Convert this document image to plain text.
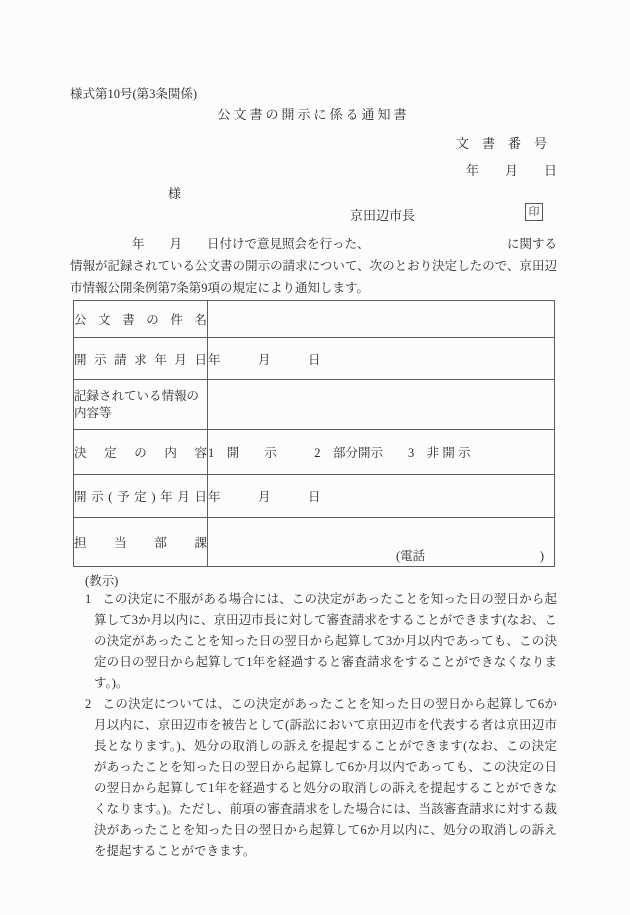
様式第10号(第3条関係)
公文書の開示に係る通知書
文　書　番　号
年　　月　　日
様
京田辺市長	印
年　　月　　日付けで意見照会を行った、	に関する
情報が記録されている公文書の開示の請求について、次のとおり決定したので、京田辺市情報公開条例第7条第9項の規定により通知します。
公文書の件名	

開示請求年月日	年　　　月　　　日

記録されている情報の内容等	

決定の内容	1　開　　示　　　2　部分開示　　3　非 開 示

開示(予定)年月日	年　　　月　　　日

担当部課	(電話 )
(教示)
1 この決定に不服がある場合には、この決定があったことを知った日の翌日から起算して3か月以内に、京田辺市長に対して審査請求をすることができます(なお、この決定があったことを知った日の翌日から起算して3か月以内であっても、この決定の日の翌日から起算して1年を経過すると審査請求をすることができなくなります。)。
2 この決定については、この決定があったことを知った日の翌日から起算して6か月以内に、京田辺市を被告として(訴訟において京田辺市を代表する者は京田辺市長となります。)、処分の取消しの訴えを提起することができます(なお、この決定があったことを知った日の翌日から起算して6か月以内であっても、この決定の日の翌日から起算して1年を経過すると処分の取消しの訴えを提起することができなくなります。)。ただし、前項の審査請求をした場合には、当該審査請求に対する裁決があったことを知った日の翌日から起算して6か月以内に、処分の取消しの訴えを提起することができます。
